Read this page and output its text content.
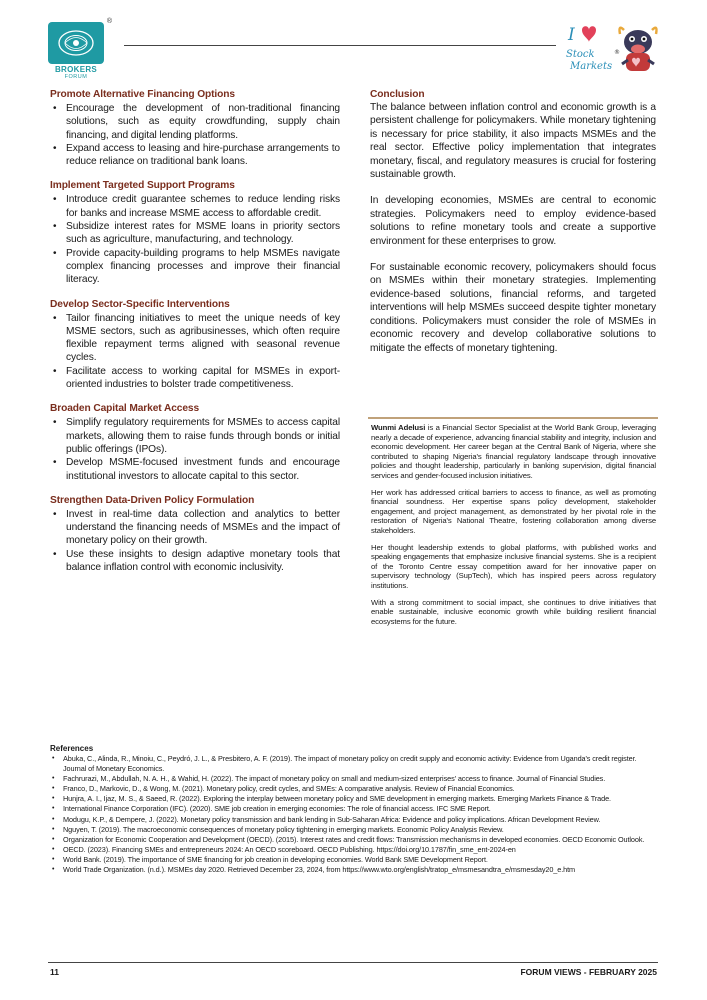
®
BROKERS
FORUM
I
Stock
Markets
®
Promote Alternative Financing Options
• Encourage the development of non-traditional financing solutions, such as equity crowdfunding, supply chain financing, and digital lending platforms.
• Expand access to leasing and hire-purchase arrangements to reduce reliance on traditional bank loans.
Implement Targeted Support Programs
• Introduce credit guarantee schemes to reduce lending risks for banks and increase MSME access to affordable credit.
• Subsidize interest rates for MSME loans in priority sectors such as agriculture, manufacturing, and technology.
• Provide capacity-building programs to help MSMEs navigate complex financing processes and improve their financial literacy.
Develop Sector-Specific Interventions
• Tailor financing initiatives to meet the unique needs of key MSME sectors, such as agribusinesses, which often require flexible repayment terms aligned with seasonal revenue cycles.
• Facilitate access to working capital for MSMEs in export-oriented industries to bolster trade competitiveness.
Broaden Capital Market Access
• Simplify regulatory requirements for MSMEs to access capital markets, allowing them to raise funds through bonds or initial public offerings (IPOs).
• Develop MSME-focused investment funds and encourage institutional investors to allocate capital to this sector.
Strengthen Data-Driven Policy Formulation
• Invest in real-time data collection and analytics to better understand the financing needs of MSMEs and the impact of monetary policy on their growth.
• Use these insights to design adaptive monetary tools that balance inflation control with economic inclusivity.
Conclusion

The balance between inflation control and economic growth is a persistent challenge for policymakers. While monetary tightening is necessary for price stability, it also impacts MSMEs and the real sector. Effective policy implementation that integrates monetary, fiscal, and regulatory measures is crucial for fostering sustainable growth.

In developing economies, MSMEs are central to economic strategies. Policymakers need to employ evidence-based solutions to refine monetary tools and create a supportive environment for these enterprises to grow.

For sustainable economic recovery, policymakers should focus on MSMEs within their monetary strategies. Implementing evidence-based solutions, financial reforms, and targeted interventions will help MSMEs succeed despite tighter monetary conditions. Policymakers must consider the role of MSMEs in economic recovery and develop collaborative solutions to mitigate the effects of monetary tightening.

Wunmi Adelusi is a Financial Sector Specialist at the World Bank Group, leveraging nearly a decade of experience, advancing financial stability and integrity, inclusion and economic development. Her career began at the Central Bank of Nigeria, where she contributed to shaping Nigeria's financial regulatory landscape through innovative policies and thought leadership, particularly in banking supervision, digital financial services and gender-focused inclusion initiatives.

Her work has addressed critical barriers to access to finance, as well as promoting financial soundness. Her expertise spans policy development, stakeholder engagement, and project management, as demonstrated by her pivotal role in the restoration of Nigeria's National Theatre, fostering collaboration among diverse stakeholders.

Her thought leadership extends to global platforms, with published works and speaking engagements that emphasize inclusive financial systems. She is a recipient of the Toronto Centre essay competition award for her innovative paper on supervisory technology (SupTech), which has inspired peers across regulatory institutions.

With a strong commitment to social impact, she continues to drive initiatives that enable sustainable, inclusive economic growth while building resilient financial ecosystems for the future.

References
• Abuka, C., Alinda, R., Minoiu, C., Peydró, J. L., & Presbitero, A. F. (2019). The impact of monetary policy on credit supply and economic activity: Evidence from Uganda's credit register. Journal of Monetary Economics.
• Fachrurazi, M., Abdullah, N. A. H., & Wahid, H. (2022). The impact of monetary policy on small and medium-sized enterprises' access to finance. Journal of Financial Studies.
• Franco, D., Markovic, D., & Wong, M. (2021). Monetary policy, credit cycles, and SMEs: A comparative analysis. Review of Financial Economics.
• Hunjra, A. I., Ijaz, M. S., & Saeed, R. (2022). Exploring the interplay between monetary policy and SME development in emerging markets. Emerging Markets Finance & Trade.
• International Finance Corporation (IFC). (2020). SME job creation in emerging economies: The role of financial access. IFC SME Report.
• Modugu, K.P., & Dempere, J. (2022). Monetary policy transmission and bank lending in Sub-Saharan Africa: Evidence and policy implications. African Development Review.
• Nguyen, T. (2019). The macroeconomic consequences of monetary policy tightening in emerging markets. Economic Policy Analysis Review.
• Organization for Economic Cooperation and Development (OECD). (2015). Interest rates and credit flows: Transmission mechanisms in developed economies. OECD Economic Outlook.
• OECD. (2023). Financing SMEs and entrepreneurs 2024: An OECD scoreboard. OECD Publishing. https://doi.org/10.1787/fin_sme_ent-2024-en
• World Bank. (2019). The importance of SME financing for job creation in developing economies. World Bank SME Development Report.
• World Trade Organization. (n.d.). MSMEs day 2020. Retrieved December 23, 2024, from https://www.wto.org/english/tratop_e/msmesandtra_e/msmesday20_e.htm
11	FORUM VIEWS - FEBRUARY 2025
